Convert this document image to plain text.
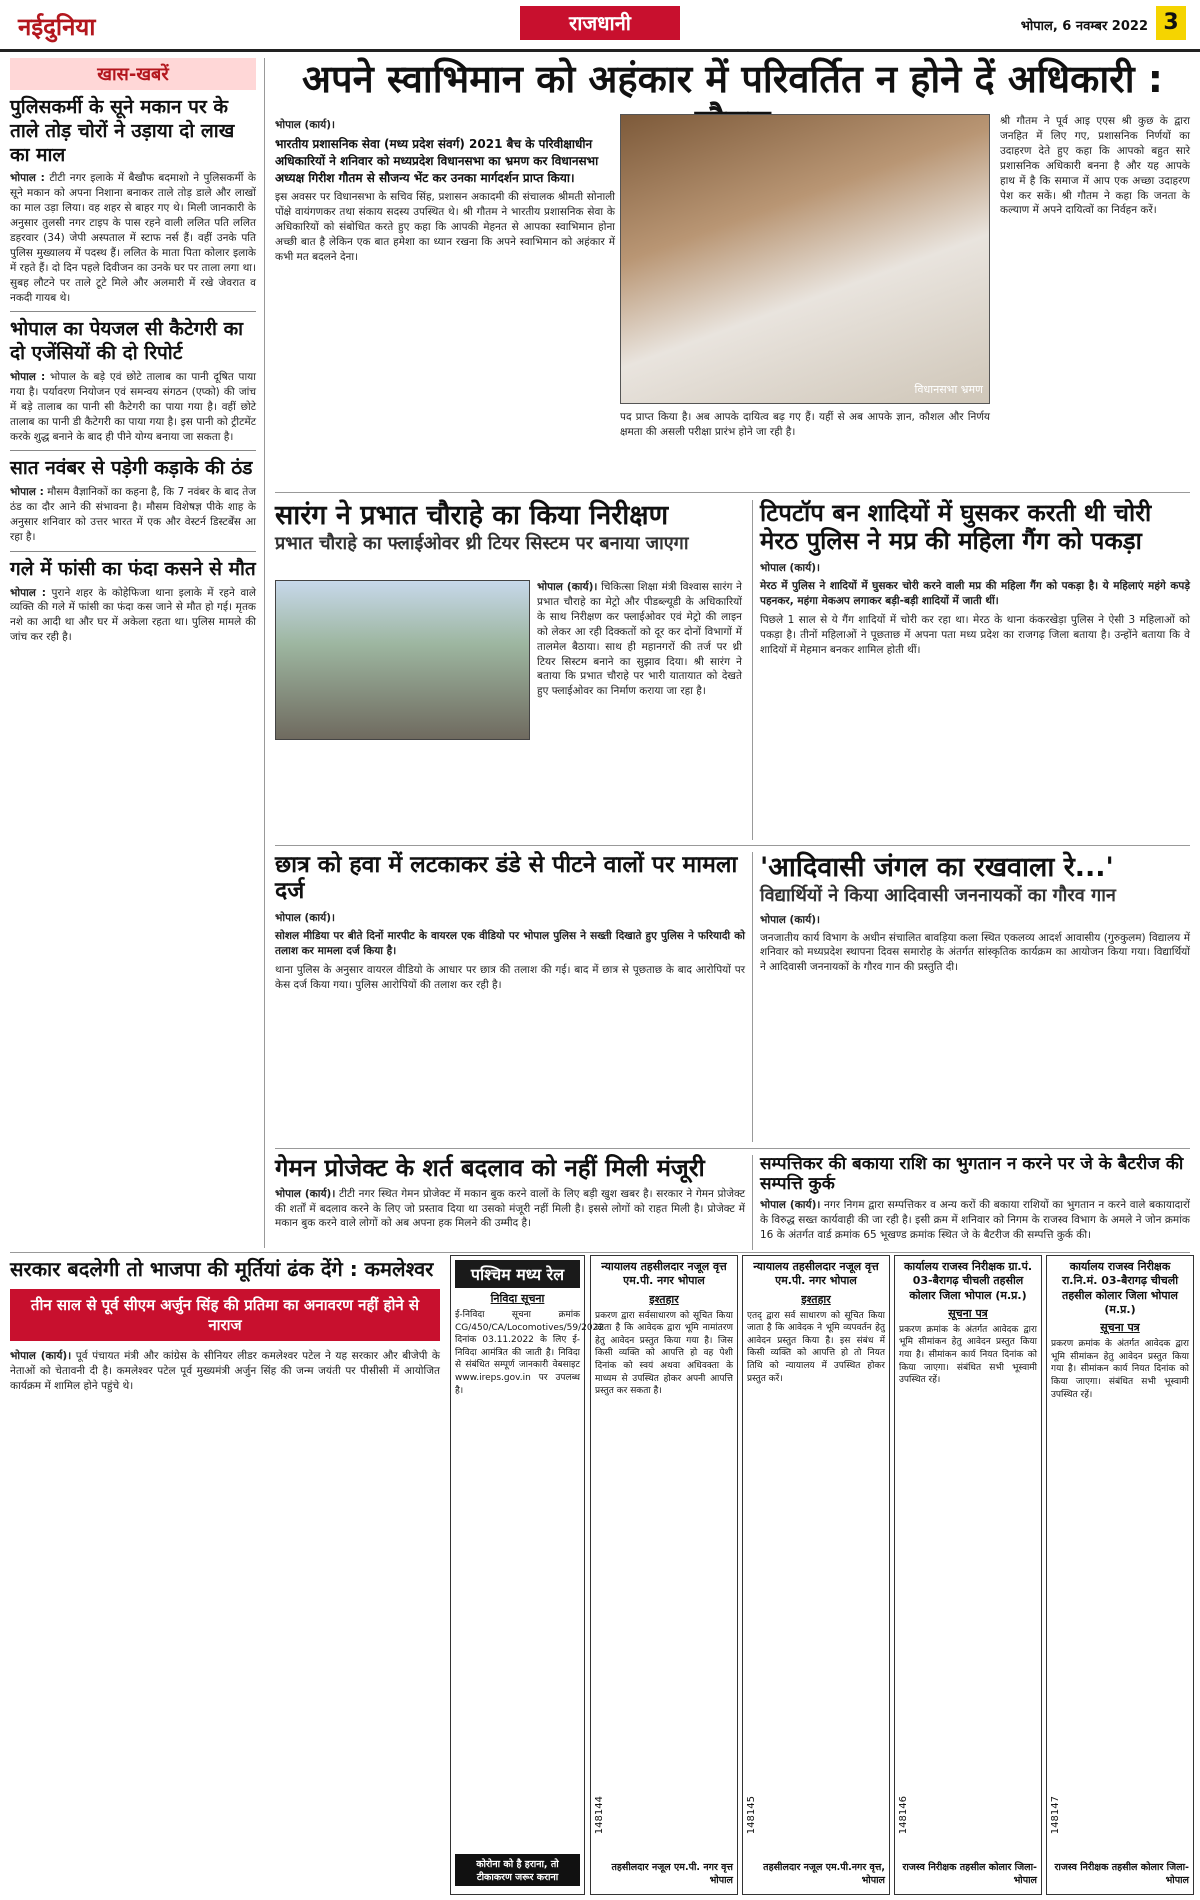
नईदुनिया	राजधानी	भोपाल, 6 नवम्बर 2022 3
खास-खबरें
पुलिसकर्मी के सूने मकान पर के ताले तोड़ चोरों ने उड़ाया दो लाख का माल
भोपाल : टीटी नगर इलाके में बैखौफ बदमाशो ने पुलिसकर्मी के सूने मकान को अपना निशाना बनाकर ताले तोड़ डाले और लाखों का माल उड़ा लिया। वह शहर से बाहर गए थे। मिली जानकारी के अनुसार तुलसी नगर टाइप के पास रहने वाली ललित पति ललित डहरवार (34) जेपी अस्पताल में स्टाफ नर्स हैं। वहीं उनके पति पुलिस मुख्यालय में पदस्थ हैं। ललित के माता पिता कोलार इलाके में रहते हैं। दो दिन पहले दिवीजन का उनके घर पर ताला लगा था। सुबह लौटने पर ताले टूटे मिले और अलमारी में रखे जेवरात व नकदी गायब थे।
भोपाल का पेयजल सी कैटेगरी का दो एजेंसियों की दो रिपोर्ट
भोपाल : भोपाल के बड़े एवं छोटे तालाब का पानी दूषित पाया गया है। पर्यावरण नियोजन एवं समन्वय संगठन (एप्को) की जांच में बड़े तालाब का पानी सी कैटेगरी का पाया गया है। वहीं छोटे तालाब का पानी डी कैटेगरी का पाया गया है। इस पानी को ट्रीटमेंट करके शुद्ध बनाने के बाद ही पीने योग्य बनाया जा सकता है।
सात नवंबर से पड़ेगी कड़ाके की ठंड
भोपाल : मौसम वैज्ञानिकों का कहना है, कि 7 नवंबर के बाद तेज ठंड का दौर आने की संभावना है। मौसम विशेषज्ञ पीके शाह के अनुसार शनिवार को उत्तर भारत में एक और वेस्टर्न डिस्टर्बेंस आ रहा है।
गले में फांसी का फंदा कसने से मौत
भोपाल : पुराने शहर के कोहेफिजा थाना इलाके में रहने वाले व्यक्ति की गले में फांसी का फंदा कस जाने से मौत हो गई। मृतक नशे का आदी था और घर में अकेला रहता था। पुलिस मामले की जांच कर रही है।
अपने स्वाभिमान को अहंकार में परिवर्तित न होने दें अधिकारी :
भोपाल (कार्य)।
भारतीय प्रशासनिक सेवा (मध्य प्रदेश संवर्ग) 2021 बैच के परिवीक्षाधीन अधिकारियों ने शनिवार को मध्यप्रदेश विधानसभा का भ्रमण कर विधानसभा अध्यक्ष गिरीश गौतम से सौजन्य भेंट कर उनका मार्गदर्शन प्राप्त किया।
इस अवसर पर विधानसभा के सचिव सिंह, प्रशासन अकादमी की संचालक श्रीमती सोनाली पोंक्षे वायंगणकर तथा संकाय सदस्य उपस्थित थे। श्री गौतम ने भारतीय प्रशासनिक सेवा के अधिकारियों को संबोधित करते हुए कहा कि आपकी मेहनत से आपका स्वाभिमान होना अच्छी बात है लेकिन एक बात हमेशा का ध्यान रखना कि अपने स्वाभिमान को अहंकार में कभी मत बदलने देना।
विधानसभा भ्रमण
पद प्राप्त किया है। अब आपके दायित्व बढ़ गए हैं। यहीं से अब आपके ज्ञान, कौशल और निर्णय क्षमता की असली परीक्षा प्रारंभ होने जा रही है।
श्री गौतम ने पूर्व आइ एएस श्री कुछ के द्वारा जनहित में लिए गए, प्रशासनिक निर्णयों का उदाहरण देते हुए कहा कि आपको बहुत सारे प्रशासनिक अधिकारी बनना है और यह आपके हाथ में है कि समाज में आप एक अच्छा उदाहरण पेश कर सकें। श्री गौतम ने कहा कि जनता के कल्याण में अपने दायित्वों का निर्वहन करें।
सारंग ने प्रभात चौराहे का किया निरीक्षण
प्रभात चौराहे का फ्लाईओवर थ्री टियर सिस्टम पर बनाया जाएगा
भोपाल (कार्य)। चिकित्सा शिक्षा मंत्री विश्वास सारंग ने प्रभात चौराहे का मेट्रो और पीडब्ल्यूडी के अधिकारियों के साथ निरीक्षण कर फ्लाईओवर एवं मेट्रो की लाइन को लेकर आ रही दिक्कतों को दूर कर दोनों विभागों में तालमेल बैठाया। साथ ही महानगरों की तर्ज पर थ्री टियर सिस्टम बनाने का सुझाव दिया। श्री सारंग ने बताया कि प्रभात चौराहे पर भारी यातायात को देखते हुए फ्लाईओवर का निर्माण कराया जा रहा है।
टिपटॉप बन शादियों में घुसकर करती थी चोरी मेरठ पुलिस ने मप्र की महिला गैंग को पकड़ा
भोपाल (कार्य)।
मेरठ में पुलिस ने शादियों में घुसकर चोरी करने वाली मप्र की महिला गैंग को पकड़ा है। ये महिलाएं महंगे कपड़े पहनकर, महंगा मेकअप लगाकर बड़ी-बड़ी शादियों में जाती थीं।
पिछले 1 साल से ये गैंग शादियों में चोरी कर रहा था। मेरठ के थाना कंकरखेड़ा पुलिस ने ऐसी 3 महिलाओं को पकड़ा है। तीनों महिलाओं ने पूछताछ में अपना पता मध्य प्रदेश का राजगढ़ जिला बताया है। उन्होंने बताया कि वे शादियों में मेहमान बनकर शामिल होती थीं।
छात्र को हवा में लटकाकर डंडे से पीटने वालों पर मामला दर्ज
भोपाल (कार्य)।
सोशल मीडिया पर बीते दिनों मारपीट के वायरल एक वीडियो पर भोपाल पुलिस ने सख्ती दिखाते हुए पुलिस ने फरियादी को तलाश कर मामला दर्ज किया है।
थाना पुलिस के अनुसार वायरल वीडियो के आधार पर छात्र की तलाश की गई। बाद में छात्र से पूछताछ के बाद आरोपियों पर केस दर्ज किया गया। पुलिस आरोपियों की तलाश कर रही है।
'आदिवासी जंगल का रखवाला रे...'
विद्यार्थियों ने किया आदिवासी जननायकों का गौरव गान
भोपाल (कार्य)।
जनजातीय कार्य विभाग के अधीन संचालित बावड़िया कला स्थित एकलव्य आदर्श आवासीय (गुरुकुलम) विद्यालय में शनिवार को मध्यप्रदेश स्थापना दिवस समारोह के अंतर्गत सांस्कृतिक कार्यक्रम का आयोजन किया गया। विद्यार्थियों ने आदिवासी जननायकों के गौरव गान की प्रस्तुति दी।
गेमन प्रोजेक्ट के शर्त बदलाव को नहीं मिली मंजूरी
भोपाल (कार्य)। टीटी नगर स्थित गेमन प्रोजेक्ट में मकान बुक करने वालों के लिए बड़ी खुश खबर है। सरकार ने गेमन प्रोजेक्ट की शर्तों में बदलाव करने के लिए जो प्रस्ताव दिया था उसको मंजूरी नहीं मिली है। इससे लोगों को राहत मिली है। प्रोजेक्ट में मकान बुक करने वाले लोगों को अब अपना हक मिलने की उम्मीद है।
सम्पत्तिकर की बकाया राशि का भुगतान न करने पर जे के बैटरीज की सम्पत्ति कुर्क
भोपाल (कार्य)। नगर निगम द्वारा सम्पत्तिकर व अन्य करों की बकाया राशियों का भुगतान न करने वाले बकायादारों के विरुद्ध सख्त कार्यवाही की जा रही है। इसी क्रम में शनिवार को निगम के राजस्व विभाग के अमले ने जोन क्रमांक 16 के अंतर्गत वार्ड क्रमांक 65 भूखण्ड क्रमांक स्थित जे के बैटरीज की सम्पत्ति कुर्क की।
सरकार बदलेगी तो भाजपा की मूर्तियां ढंक देंगे : कमलेश्वर
तीन साल से पूर्व सीएम अर्जुन सिंह की प्रतिमा का अनावरण नहीं होने से नाराज
भोपाल (कार्य)। पूर्व पंचायत मंत्री और कांग्रेस के सीनियर लीडर कमलेश्वर पटेल ने यह सरकार और बीजेपी के नेताओं को चेतावनी दी है। कमलेश्वर पटेल पूर्व मुख्यमंत्री अर्जुन सिंह की जन्म जयंती पर पीसीसी में आयोजित कार्यक्रम में शामिल होने पहुंचे थे।
पश्चिम मध्य रेल
निविदा सूचना
ई-निविदा सूचना क्रमांक CG/450/CA/Locomotives/59/2022 दिनांक 03.11.2022 के लिए ई-निविदा आमंत्रित की जाती है। निविदा से संबंधित सम्पूर्ण जानकारी वेबसाइट www.ireps.gov.in पर उपलब्ध है।
कोरोना को है हराना, तो टीकाकरण जरूर कराना
न्यायालय तहसीलदार नजूल वृत्त एम.पी. नगर भोपाल
इश्तहार
प्रकरण द्वारा सर्वसाधारण को सूचित किया जाता है कि आवेदक द्वारा भूमि नामांतरण हेतु आवेदन प्रस्तुत किया गया है। जिस किसी व्यक्ति को आपत्ति हो वह पेशी दिनांक को स्वयं अथवा अधिवक्ता के माध्यम से उपस्थित होकर अपनी आपत्ति प्रस्तुत कर सकता है।
148144
तहसीलदार नजूल एम.पी. नगर वृत्त भोपाल
न्यायालय तहसीलदार नजूल वृत्त एम.पी. नगर भोपाल
इश्तहार
एतद् द्वारा सर्व साधारण को सूचित किया जाता है कि आवेदक ने भूमि व्यपवर्तन हेतु आवेदन प्रस्तुत किया है। इस संबंध में किसी व्यक्ति को आपत्ति हो तो नियत तिथि को न्यायालय में उपस्थित होकर प्रस्तुत करें।
148145
तहसीलदार नजूल एम.पी.नगर वृत्त, भोपाल
कार्यालय राजस्व निरीक्षक ग्रा.पं. 03-बैरागढ़ चीचली तहसील कोलार जिला भोपाल (म.प्र.)
सूचना पत्र
प्रकरण क्रमांक के अंतर्गत आवेदक द्वारा भूमि सीमांकन हेतु आवेदन प्रस्तुत किया गया है। सीमांकन कार्य नियत दिनांक को किया जाएगा। संबंधित सभी भूस्वामी उपस्थित रहें।
148146
राजस्व निरीक्षक तहसील कोलार जिला-भोपाल
कार्यालय राजस्व निरीक्षक रा.नि.मं. 03-बैरागढ़ चीचली तहसील कोलार जिला भोपाल (म.प्र.)
सूचना पत्र
प्रकरण क्रमांक के अंतर्गत आवेदक द्वारा भूमि सीमांकन हेतु आवेदन प्रस्तुत किया गया है। सीमांकन कार्य नियत दिनांक को किया जाएगा। संबंधित सभी भूस्वामी उपस्थित रहें।
148147
राजस्व निरीक्षक तहसील कोलार जिला-भोपाल
